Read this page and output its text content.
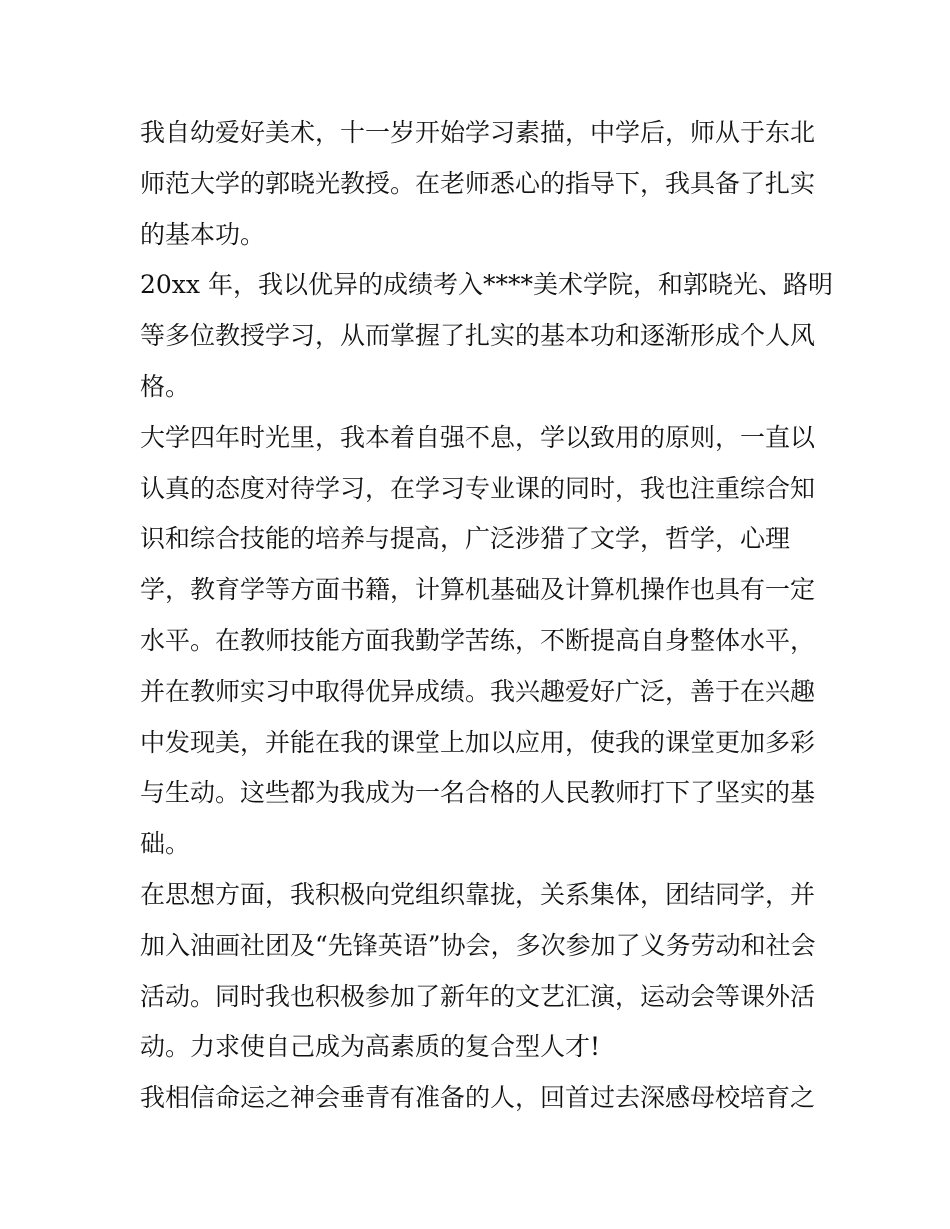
我自幼爱好美术，十一岁开始学习素描，中学后，师从于东北
师范大学的郭晓光教授。在老师悉心的指导下，我具备了扎实
的基本功。

20xx 年，我以优异的成绩考入****美术学院，和郭晓光、路明
等多位教授学习，从而掌握了扎实的基本功和逐渐形成个人风
格。

大学四年时光里，我本着自强不息，学以致用的原则，一直以
认真的态度对待学习，在学习专业课的同时，我也注重综合知
识和综合技能的培养与提高，广泛涉猎了文学，哲学，心理
学，教育学等方面书籍，计算机基础及计算机操作也具有一定
水平。在教师技能方面我勤学苦练，不断提高自身整体水平，
并在教师实习中取得优异成绩。我兴趣爱好广泛，善于在兴趣
中发现美，并能在我的课堂上加以应用，使我的课堂更加多彩
与生动。这些都为我成为一名合格的人民教师打下了坚实的基
础。

在思想方面，我积极向党组织靠拢，关系集体，团结同学，并
加入油画社团及“先锋英语”协会，多次参加了义务劳动和社会
活动。同时我也积极参加了新年的文艺汇演，运动会等课外活
动。力求使自己成为高素质的复合型人才!

我相信命运之神会垂青有准备的人，回首过去深感母校培育之
